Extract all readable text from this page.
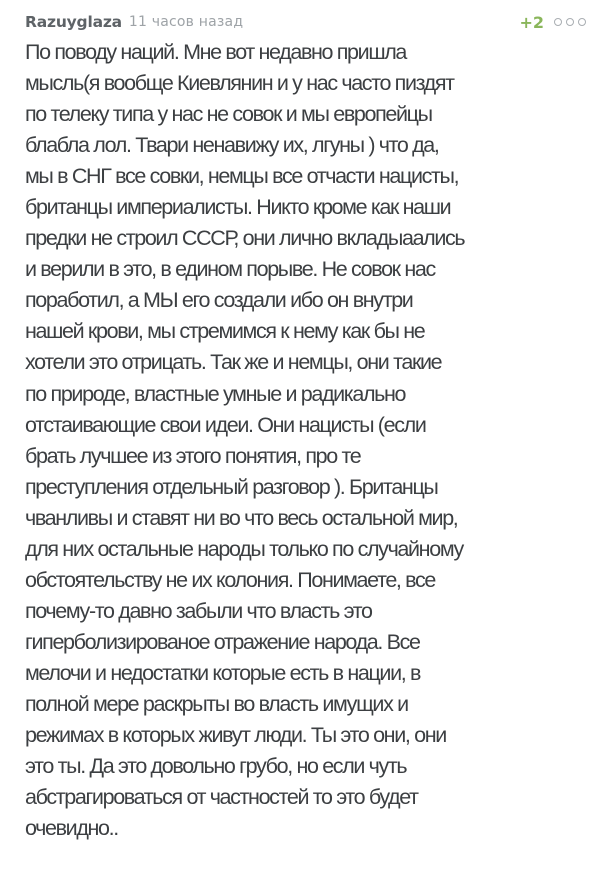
Razuyglaza 11 часов назад	+2
По поводу наций. Мне вот недавно пришла
мысль(я вообще Киевлянин и у нас часто пиздят
по телеку типа у нас не совок и мы европейцы
блабла лол. Твари ненавижу их, лгуны ) что да,
мы в СНГ все совки, немцы все отчасти нацисты,
британцы империалисты. Никто кроме как наши
предки не строил СССР, они лично вкладыаались
и верили в это, в едином порыве. Не совок нас
поработил, а МЫ его создали ибо он внутри
нашей крови, мы стремимся к нему как бы не
хотели это отрицать. Так же и немцы, они такие
по природе, властные умные и радикально
отстаивающие свои идеи. Они нацисты (если
брать лучшее из этого понятия, про те
преступления отдельный разговор ). Британцы
чванливы и ставят ни во что весь остальной мир,
для них остальные народы только по случайному
обстоятельству не их колония. Понимаете, все
почему-то давно забыли что власть это
гиперболизированое отражение народа. Все
мелочи и недостатки которые есть в нации, в
полной мере раскрыты во власть имущих и
режимах в которых живут люди. Ты это они, они
это ты. Да это довольно грубо, но если чуть
абстрагироваться от частностей то это будет
очевидно..
